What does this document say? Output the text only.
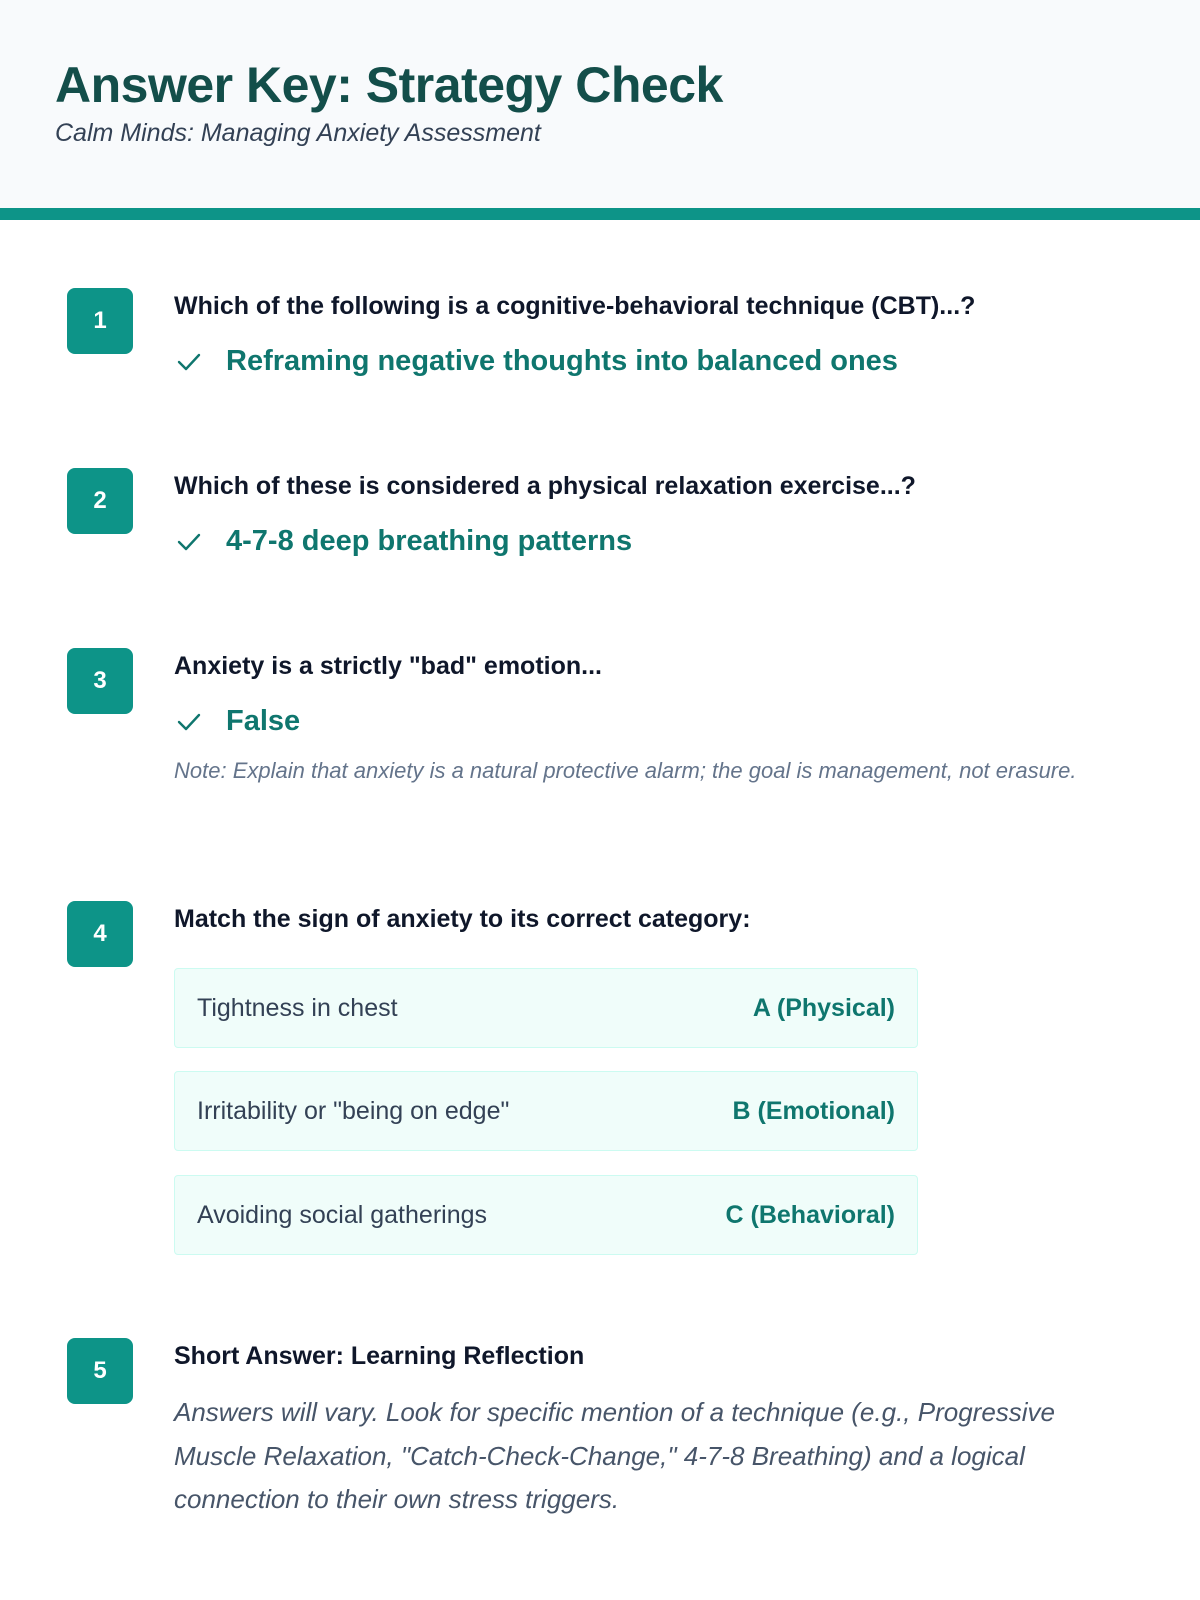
Answer Key: Strategy Check
Calm Minds: Managing Anxiety Assessment
1
Which of the following is a cognitive-behavioral technique (CBT)...?
Reframing negative thoughts into balanced ones
2
Which of these is considered a physical relaxation exercise...?
4-7-8 deep breathing patterns
3
Anxiety is a strictly "bad" emotion...
False
Note: Explain that anxiety is a natural protective alarm; the goal is management, not erasure.
4
Match the sign of anxiety to its correct category:
Tightness in chest	A (Physical)
Irritability or "being on edge"	B (Emotional)
Avoiding social gatherings	C (Behavioral)
5
Short Answer: Learning Reflection
Answers will vary. Look for specific mention of a technique (e.g., Progressive Muscle Relaxation, "Catch-Check-Change," 4-7-8 Breathing) and a logical connection to their own stress triggers.
